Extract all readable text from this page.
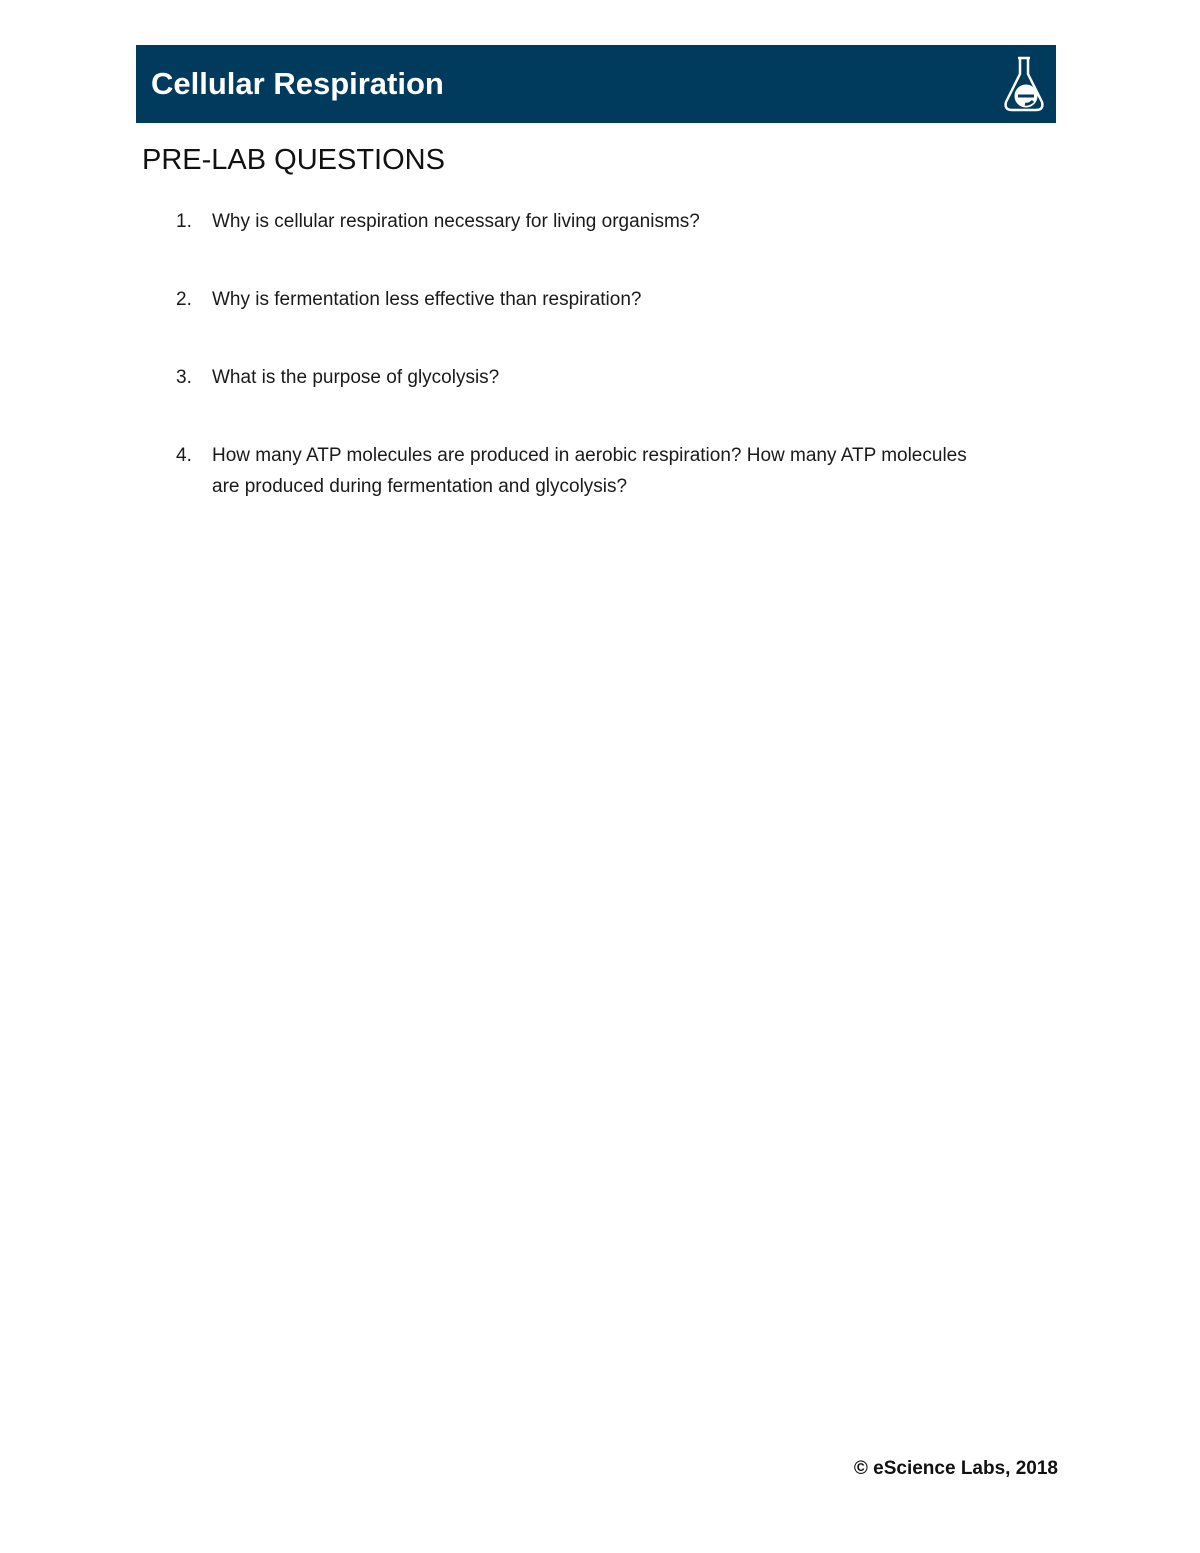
Cellular Respiration
PRE-LAB QUESTIONS
1. Why is cellular respiration necessary for living organisms?
2. Why is fermentation less effective than respiration?
3. What is the purpose of glycolysis?
4. How many ATP molecules are produced in aerobic respiration? How many ATP molecules are produced during fermentation and glycolysis?
© eScience Labs, 2018
